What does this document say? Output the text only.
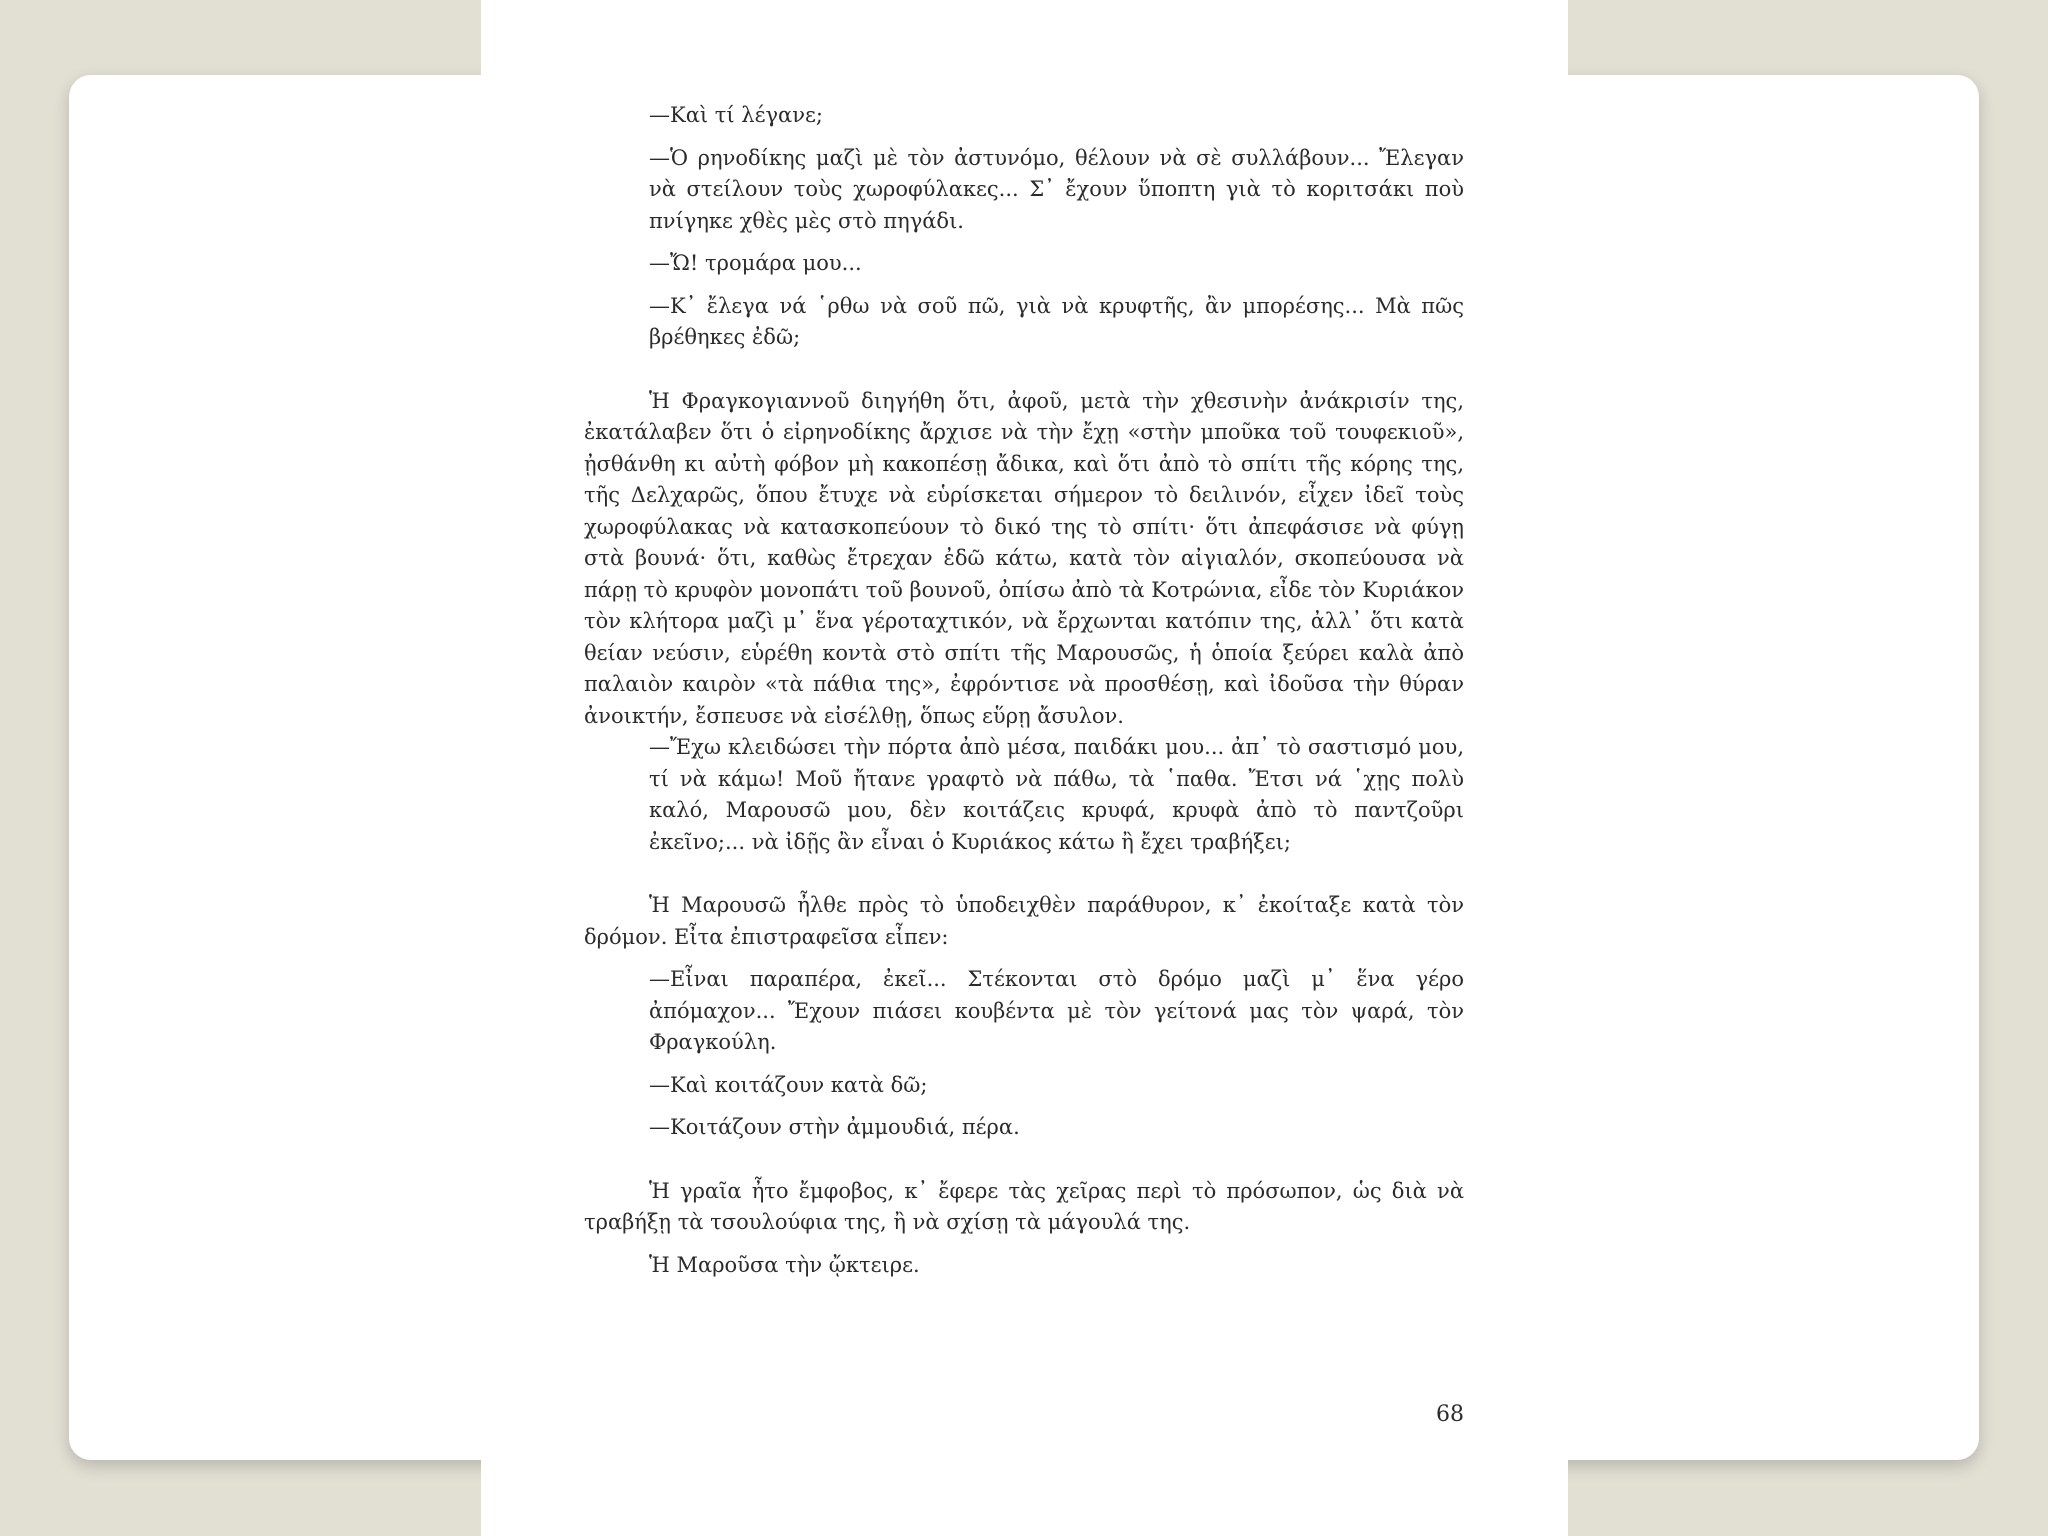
—Καὶ τί λέγανε;

—Ὁ ρηνοδίκης μαζὶ μὲ τὸν ἀστυνόμο, θέλουν νὰ σὲ συλλάβουν... Ἔλεγαν νὰ στείλουν τοὺς χωροφύλακες... Σ᾽ ἔχουν ὕποπτη γιὰ τὸ κοριτσάκι ποὺ πνίγηκε χθὲς μὲς στὸ πηγάδι.

—Ὤ! τρομάρα μου...

—Κ᾽ ἔλεγα νά ῾ρθω νὰ σοῦ πῶ, γιὰ νὰ κρυφτῆς, ἂν μπορέσης... Μὰ πῶς βρέθηκες ἐδῶ;

Ἡ Φραγκογιαννοῦ διηγήθη ὅτι, ἀφοῦ, μετὰ τὴν χθεσινὴν ἀνάκρισίν της, ἐκατάλαβεν ὅτι ὁ εἰρηνοδίκης ἄρχισε νὰ τὴν ἔχῃ «στὴν μποῦκα τοῦ τουφεκιοῦ», ᾐσθάνθη κι αὐτὴ φόβον μὴ κακοπέσῃ ἄδικα, καὶ ὅτι ἀπὸ τὸ σπίτι τῆς κόρης της, τῆς Δελχαρῶς, ὅπου ἔτυχε νὰ εὑρίσκεται σήμερον τὸ δειλινόν, εἶχεν ἰδεῖ τοὺς χωροφύλακας νὰ κατασκοπεύουν τὸ δικό της τὸ σπίτι· ὅτι ἀπεφάσισε νὰ φύγῃ στὰ βουνά· ὅτι, καθὼς ἔτρεχαν ἐδῶ κάτω, κατὰ τὸν αἰγιαλόν, σκοπεύουσα νὰ πάρῃ τὸ κρυφὸν μονοπάτι τοῦ βουνοῦ, ὀπίσω ἀπὸ τὰ Κοτρώνια, εἶδε τὸν Κυριάκον τὸν κλήτορα μαζὶ μ᾽ ἕνα γέροταχτικόν, νὰ ἔρχωνται κατόπιν της, ἀλλ᾽ ὅτι κατὰ θείαν νεύσιν, εὑρέθη κοντὰ στὸ σπίτι τῆς Μαρουσῶς, ἡ ὁποία ξεύρει καλὰ ἀπὸ παλαιὸν καιρὸν «τὰ πάθια της», ἐφρόντισε νὰ προσθέσῃ, καὶ ἰδοῦσα τὴν θύραν ἀνοικτήν, ἔσπευσε νὰ εἰσέλθῃ, ὅπως εὕρῃ ἄσυλον.

—Ἔχω κλειδώσει τὴν πόρτα ἀπὸ μέσα, παιδάκι μου... ἀπ᾽ τὸ σαστισμό μου, τί νὰ κάμω! Μοῦ ἤτανε γραφτὸ νὰ πάθω, τὰ ῾παθα. Ἔτσι νά ῾χῃς πολὺ καλό, Μαρουσῶ μου, δὲν κοιτάζεις κρυφά, κρυφὰ ἀπὸ τὸ παντζοῦρι ἐκεῖνο;... νὰ ἰδῇς ἂν εἶναι ὁ Κυριάκος κάτω ἢ ἔχει τραβήξει;

Ἡ Μαρουσῶ ἦλθε πρὸς τὸ ὑποδειχθὲν παράθυρον, κ᾽ ἐκοίταξε κατὰ τὸν δρόμον. Εἶτα ἐπιστραφεῖσα εἶπεν:

—Εἶναι παραπέρα, ἐκεῖ... Στέκονται στὸ δρόμο μαζὶ μ᾽ ἕνα γέρο ἀπόμαχον... Ἔχουν πιάσει κουβέντα μὲ τὸν γείτονά μας τὸν ψαρά, τὸν Φραγκούλη.

—Καὶ κοιτάζουν κατὰ δῶ;

—Κοιτάζουν στὴν ἀμμουδιά, πέρα.

Ἡ γραῖα ἦτο ἔμφοβος, κ᾽ ἔφερε τὰς χεῖρας περὶ τὸ πρόσωπον, ὡς διὰ νὰ τραβήξῃ τὰ τσουλούφια της, ἢ νὰ σχίσῃ τὰ μάγουλά της.

Ἡ Μαροῦσα τὴν ᾤκτειρε.

68
